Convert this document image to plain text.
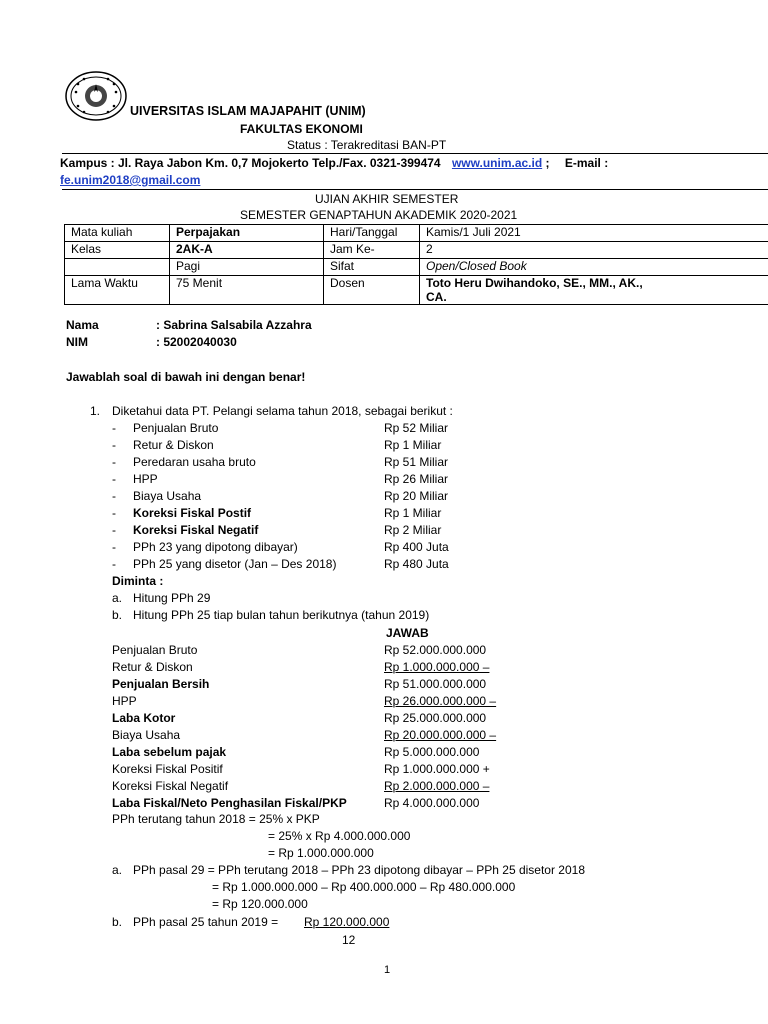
UIVERSITAS ISLAM MAJAPAHIT (UNIM)
FAKULTAS EKONOMI
Status : Terakreditasi BAN-PT
Kampus : Jl. Raya Jabon Km. 0,7 Mojokerto Telp./Fax. 0321-399474 www.unim.ac.id ; E-mail :
fe.unim2018@gmail.com
UJIAN AKHIR SEMESTER
SEMESTER GENAPTAHUN AKADEMIK 2020-2021
Mata kuliah	Perpajakan	Hari/Tanggal	Kamis/1 Juli 2021
Kelas	2AK-A	Jam Ke-	2
	Pagi	Sifat	Open/Closed Book
Lama Waktu	75 Menit	Dosen	Toto Heru Dwihandoko, SE., MM., AK.,
CA.
Nama	: Sabrina Salsabila Azzahra
NIM	: 52002040030
Jawablah soal di bawah ini dengan benar!
1. Diketahui data PT. Pelangi selama tahun 2018, sebagai berikut :
- Penjualan Bruto	Rp 52 Miliar
- Retur & Diskon	Rp 1 Miliar
- Peredaran usaha bruto	Rp 51 Miliar
- HPP	Rp 26 Miliar
- Biaya Usaha	Rp 20 Miliar
- Koreksi Fiskal Postif	Rp 1 Miliar
- Koreksi Fiskal Negatif	Rp 2 Miliar
- PPh 23 yang dipotong dibayar)	Rp 400 Juta
- PPh 25 yang disetor (Jan – Des 2018)	Rp 480 Juta
Diminta :
a. Hitung PPh 29
b. Hitung PPh 25 tiap bulan tahun berikutnya (tahun 2019)
JAWAB
Penjualan Bruto	Rp 52.000.000.000
Retur & Diskon	Rp 1.000.000.000 –
Penjualan Bersih	Rp 51.000.000.000
HPP	Rp 26.000.000.000 –
Laba Kotor	Rp 25.000.000.000
Biaya Usaha	Rp 20.000.000.000 –
Laba sebelum pajak	Rp 5.000.000.000
Koreksi Fiskal Positif	Rp 1.000.000.000 +
Koreksi Fiskal Negatif	Rp 2.000.000.000 –
Laba Fiskal/Neto Penghasilan Fiskal/PKP	Rp 4.000.000.000
PPh terutang tahun 2018 = 25% x PKP
= 25% x Rp 4.000.000.000
= Rp 1.000.000.000
a. PPh pasal 29 = PPh terutang 2018 – PPh 23 dipotong dibayar – PPh 25 disetor 2018
= Rp 1.000.000.000 – Rp 400.000.000 – Rp 480.000.000
= Rp 120.000.000
b. PPh pasal 25 tahun 2019 = Rp 120.000.000
12
1
